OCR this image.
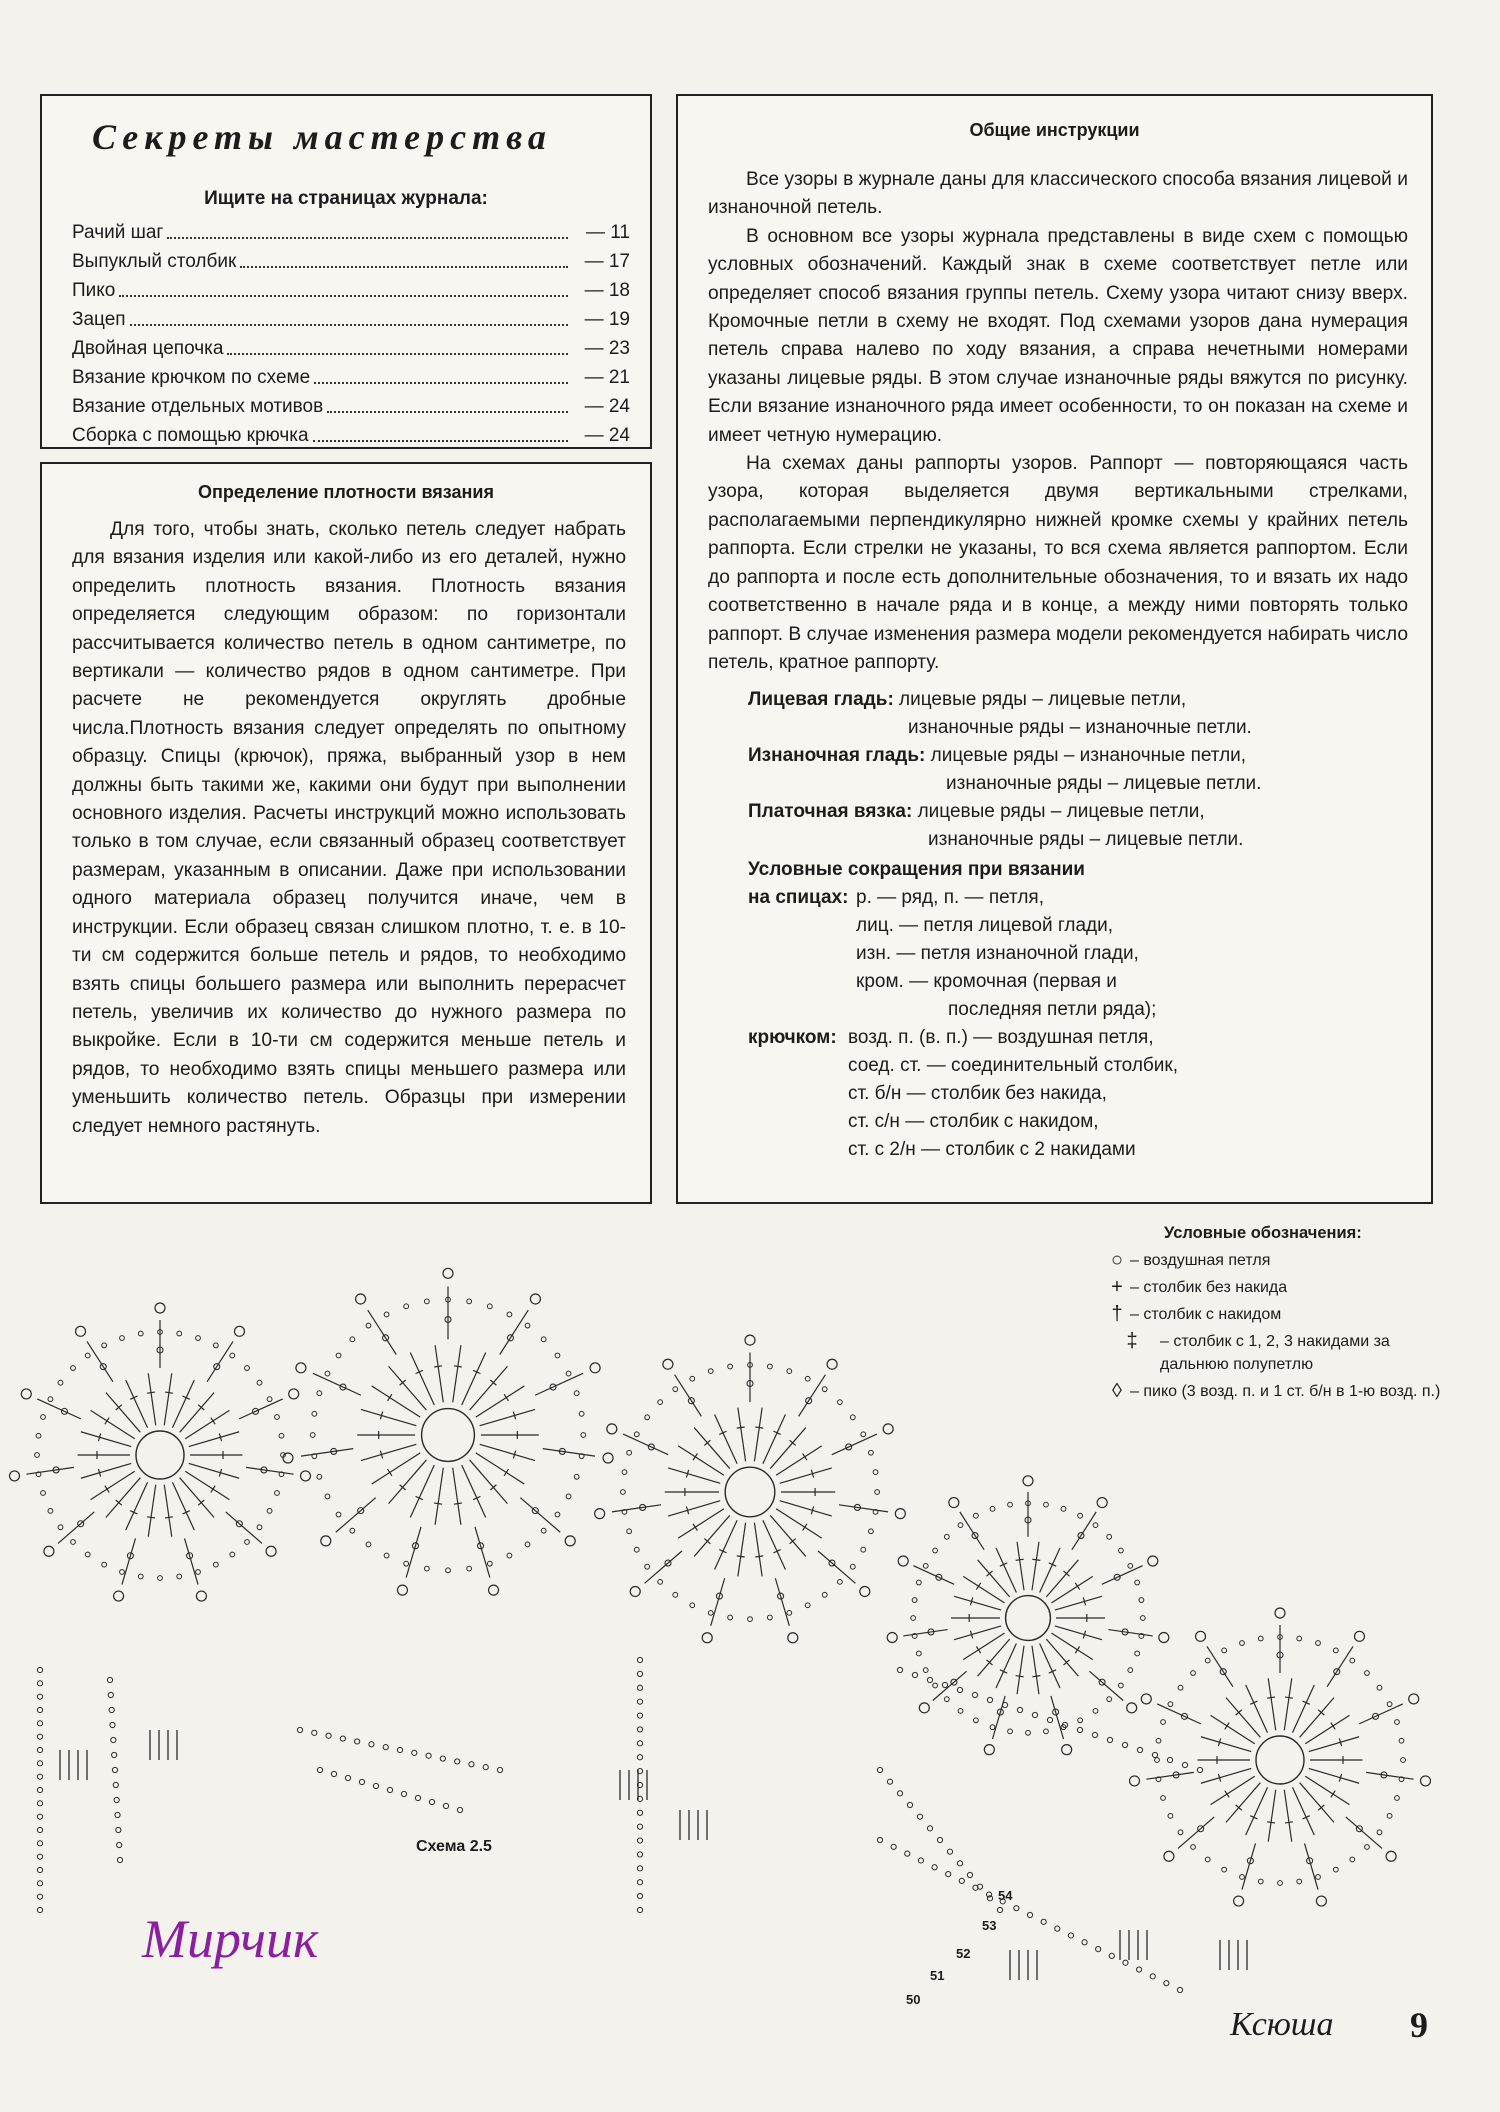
Секреты мастерства
Ищите на страницах журнала:
Рачий шаг	— 11
Выпуклый столбик	— 17
Пико	— 18
Зацеп	— 19
Двойная цепочка	— 23
Вязание крючком по схеме	— 21
Вязание отдельных мотивов	— 24
Сборка с помощью крючка	— 24
Определение плотности вязания

Для того, чтобы знать, сколько петель следует набрать для вязания изделия или какой-либо из его деталей, нужно определить плотность вязания. Плотность вязания определяется следующим образом: по горизонтали рассчитывается количество петель в одном сантиметре, по вертикали — количество рядов в одном сантиметре. При расчете не рекомендуется округлять дробные числа.Плотность вязания следует определять по опытному образцу. Спицы (крючок), пряжа, выбранный узор в нем должны быть такими же, какими они будут при выполнении основного изделия. Расчеты инструкций можно использовать только в том случае, если связанный образец соответствует размерам, указанным в описании. Даже при использовании одного материала образец получится иначе, чем в инструкции. Если образец связан слишком плотно, т. е. в 10-ти см содержится больше петель и рядов, то необходимо взять спицы большего размера или выполнить перерасчет петель, увеличив их количество до нужного размера по выкройке. Если в 10-ти см содержится меньше петель и рядов, то необходимо взять спицы меньшего размера или уменьшить количество петель. Образцы при измерении следует немного растянуть.

Общие инструкции

Все узоры в журнале даны для классического способа вязания лицевой и изнаночной петель.

В основном все узоры журнала представлены в виде схем с помощью условных обозначений. Каждый знак в схеме соответствует петле или определяет способ вязания группы петель. Схему узора читают снизу вверх. Кромочные петли в схему не входят. Под схемами узоров дана нумерация петель справа налево по ходу вязания, а справа нечетными номерами указаны лицевые ряды. В этом случае изнаночные ряды вяжутся по рисунку. Если вязание изнаночного ряда имеет особенности, то он показан на схеме и имеет четную нумерацию.

На схемах даны раппорты узоров. Раппорт — повторяющаяся часть узора, которая выделяется двумя вертикальными стрелками, располагаемыми перпендикулярно нижней кромке схемы у крайних петель раппорта. Если стрелки не указаны, то вся схема является раппортом. Если до раппорта и после есть дополнительные обозначения, то и вязать их надо соответственно в начале ряда и в конце, а между ними повторять только раппорт. В случае изменения размера модели рекомендуется набирать число петель, кратное раппорту.

Лицевая гладь: лицевые ряды – лицевые петли,
изнаночные ряды – изнаночные петли.
Изнаночная гладь: лицевые ряды – изнаночные петли,
изнаночные ряды – лицевые петли.
Платочная вязка: лицевые ряды – лицевые петли,
изнаночные ряды – лицевые петли.
Условные сокращения при вязании
на спицах: р. — ряд, п. — петля,
лиц. — петля лицевой глади,
изн. — петля изнаночной глади,
кром. — кромочная (первая и
последняя петли ряда);
крючком: возд. п. (в. п.) — воздушная петля,
соед. ст. — соединительный столбик,
ст. б/н — столбик без накида,
ст. с/н — столбик с накидом,
ст. с 2/н — столбик с 2 накидами
Схема 2.5
54
53
52
51
50
Условные обозначения:
○ – воздушная петля
+ – столбик без накида
† – столбик с накидом
‡	– столбик с 1, 2, 3 накидами за дальнюю полупетлю
◊ – пико (3 возд. п. и 1 ст. б/н в 1-ю возд. п.)
Мирчик
Ксюша 9
